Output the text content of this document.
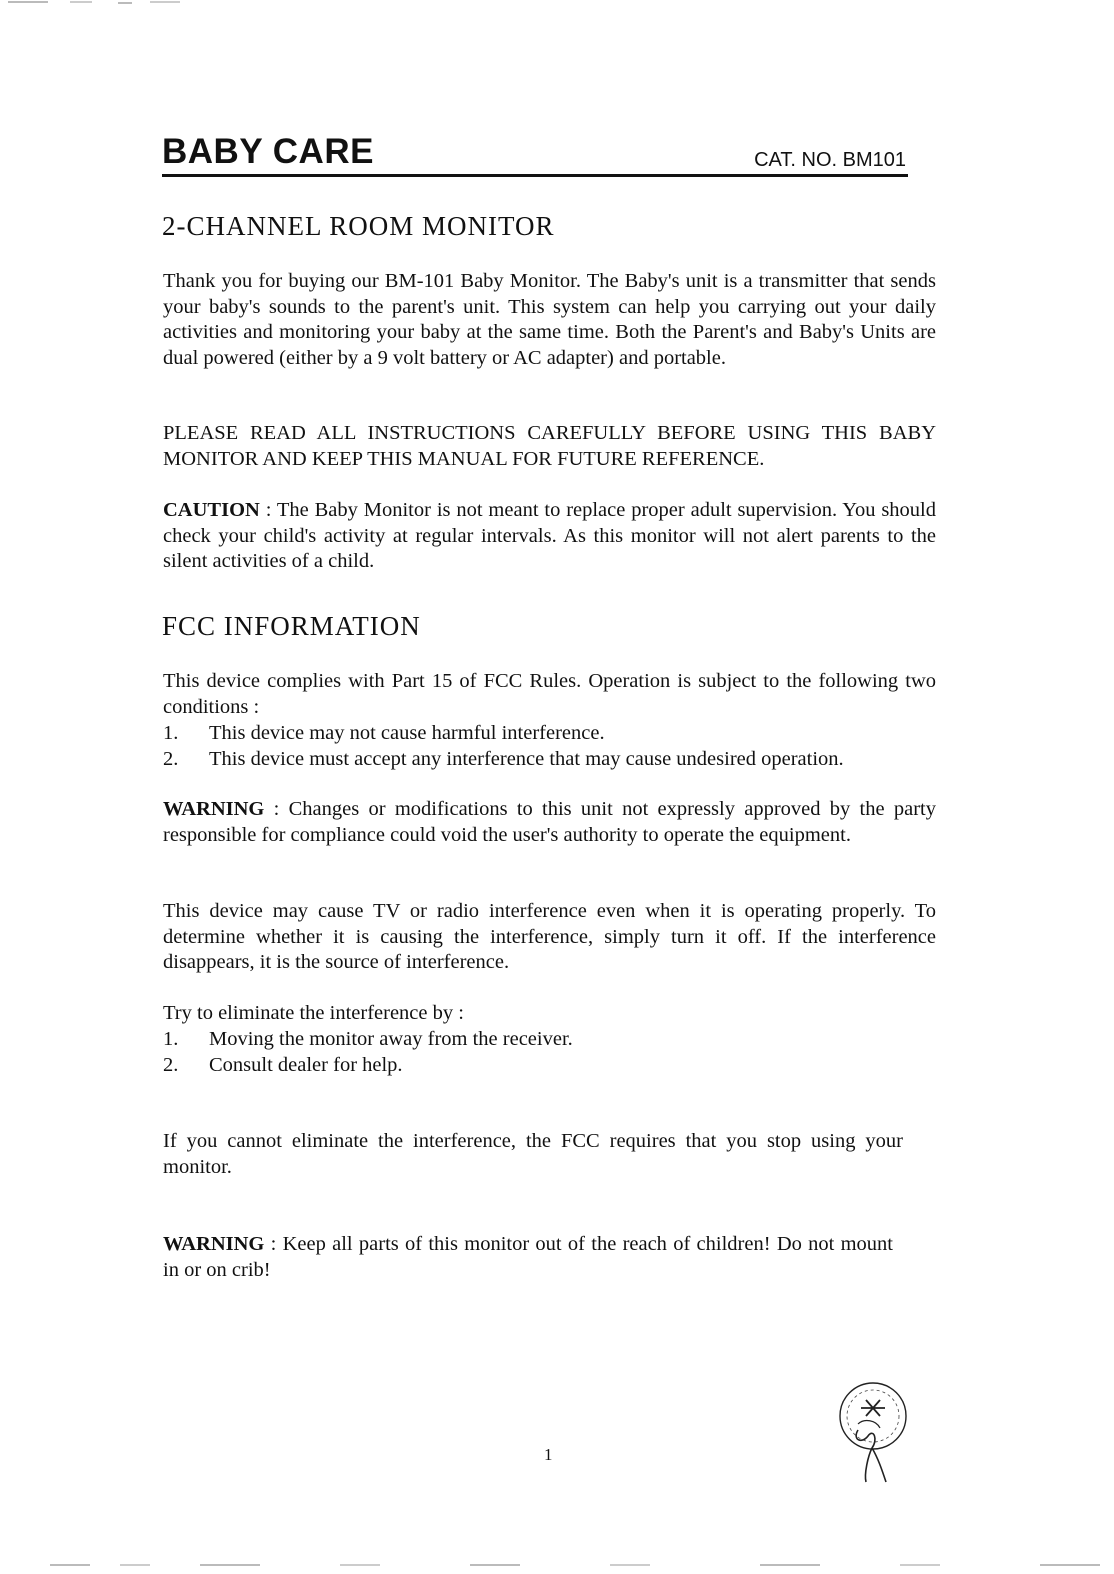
BABY CARE	CAT. NO. BM101
2-CHANNEL ROOM MONITOR
Thank you for buying our BM-101 Baby Monitor. The Baby's unit is a transmitter that sends your baby's sounds to the parent's unit. This system can help you carrying out your daily activities and monitoring your baby at the same time. Both the Parent's and Baby's Units are dual powered (either by a 9 volt battery or AC adapter) and portable.
PLEASE READ ALL INSTRUCTIONS CAREFULLY BEFORE USING THIS BABY MONITOR AND KEEP THIS MANUAL FOR FUTURE REFERENCE.
CAUTION : The Baby Monitor is not meant to replace proper adult supervision. You should check your child's activity at regular intervals. As this monitor will not alert parents to the silent activities of a child.
FCC INFORMATION
This device complies with Part 15 of FCC Rules. Operation is subject to the following two conditions :
1. This device may not cause harmful interference.
2. This device must accept any interference that may cause undesired operation.
WARNING : Changes or modifications to this unit not expressly approved by the party responsible for compliance could void the user's authority to operate the equipment.
This device may cause TV or radio interference even when it is operating properly. To determine whether it is causing the interference, simply turn it off. If the interference disappears, it is the source of interference.
Try to eliminate the interference by :
1. Moving the monitor away from the receiver.
2. Consult dealer for help.
If you cannot eliminate the interference, the FCC requires that you stop using your monitor.
WARNING : Keep all parts of this monitor out of the reach of children! Do not mount in or on crib!
1
